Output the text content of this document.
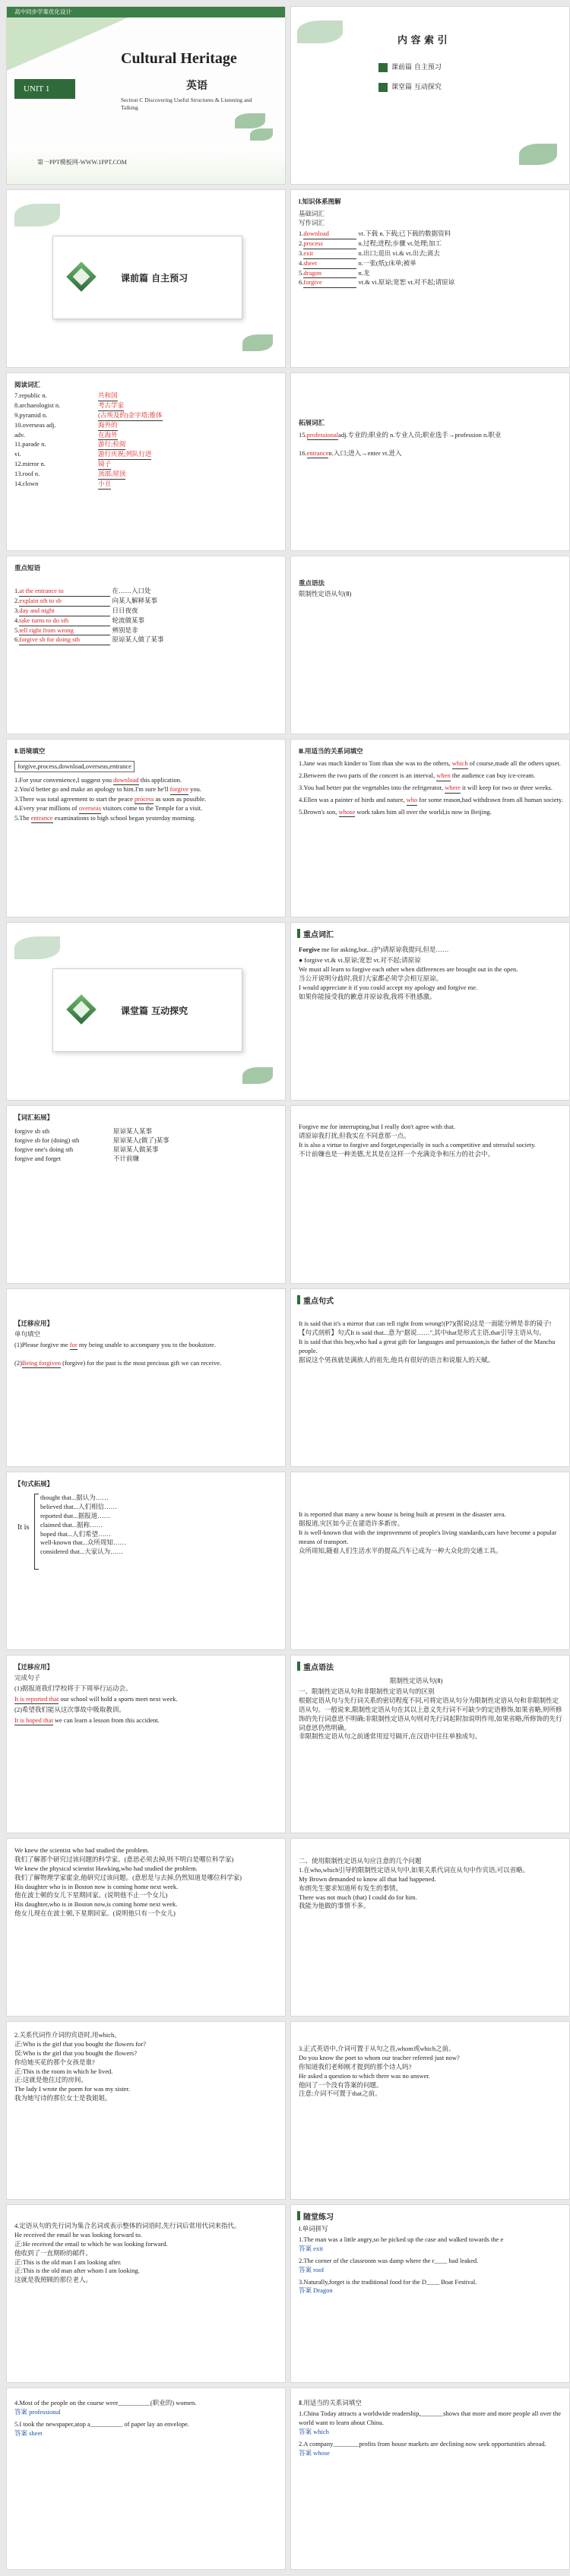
高中同步学案优化设计
Cultural Heritage
UNIT 1	英语
Section C Discovering Useful Structures & Listening and Talking
第一PPT模板网-WWW.1PPT.COM
内 容 索 引
课前篇 自主预习
课堂篇 互动探究
课前篇 自主预习
Ⅰ.知识体系图解
基础词汇
写作词汇
1.download	vt.下载 n.下载;已下载的数据资料
2.process	n.过程;进程;步骤 vt.处理;加工
3.exit	n.出口;退出 vi.& vt.出去;离去
4.sheet	n.一张(纸);床单;被单
5.dragon	n.龙
6.forgive	vt.& vi.原谅;宽恕 vt.对不起;请原谅
阅读词汇
7.republic n.	共和国
8.archaeologist n.	考古学家
9.pyramid n.	(古埃及的)金字塔;锥体
10.overseas adj.	海外的
adv.	在海外
11.parade n.	游行;检阅
vi.	游行庆祝;列队行进
12.mirror n.	镜子
13.roof n.	顶部;屋顶
14.clown	小丑
拓展词汇
15.professionaladj.专业的;职业的 n.专业人员;职业选手→profession n.职业
16.entrancen.入口;进入→enter vt.进入
重点短语
1.at the entrance to	在……入口处
2.explain sth to sb	向某人解释某事
3.day and night	日日夜夜
4.take turns to do sth	轮流做某事
5.tell right from wrong	辨别是非
6.forgive sb for doing sth	原谅某人做了某事
重点语法
限制性定语从句(Ⅱ)
Ⅱ.语境填空
forgive,process,download,overseas,entrance
1.For your convenience,I suggest you download this application.
2.You'd better go and make an apology to him.I'm sure he'll forgive you.
3.There was total agreement to start the peace process as soon as possible.
4.Every year millions of overseas visitors come to the Temple for a visit.
5.The entrance examinations to high school began yesterday morning.
Ⅲ.用适当的关系词填空
1.Jane was much kinder to Tom than she was to the others, which of course,made all the others upset.
2.Between the two parts of the concert is an interval, when the audience can buy ice-cream.
3.You had better put the vegetables into the refrigerator, where it will keep for two or three weeks.
4.Ellen was a painter of birds and nature, who for some reason,had withdrawn from all human society.
5.Brown's son, whose work takes him all over the world,is now in Beijing.
课堂篇 互动探究
重点词汇
Forgive me for asking,but...(护)请原谅我提问,但是……
● forgive vt.& vi.原谅;宽恕 vt.对不起;请原谅
We must all learn to forgive each other when differences are brought out in the open.
当公开说明分歧时,我们大家都必须学会相互原谅。
I would appreciate it if you could accept my apology and forgive me.
如果你能接受我的歉意并原谅我,我将不胜感激。
【词汇拓展】
forgive sb sth	原谅某人某事
forgive sb for (doing) sth	原谅某人(做了)某事
forgive one's doing sth	原谅某人做某事
forgive and forget	不计前嫌
Forgive me for interrupting,but I really don't agree with that.
请原谅我打扰,但我实在不同意那一点。
It is also a virtue to forgive and forget,especially in such a competitive and stressful society.
不计前嫌也是一种美德,尤其是在这样一个充满竞争和压力的社会中。
【迁移应用】
单句填空
(1)Please forgive me for my being unable to accompany you to the bookstore.
(2)Being forgiven (forgive) for the past is the most precious gift we can receive.
重点句式
It is said that it's a mirror that can tell right from wrong!(P7)(据说)这是一面能分辨是非的镜子!
【句式剖析】句式It is said that...意为"据说……",其中that是形式主语,that引导主语从句。
It is said that this boy,who had a great gift for languages and persuasion,is the father of the Manchu people.
据说这个男孩就是满族人的祖先,他具有很好的语言和说服人的天赋。
【句式拓展】
It is
thought that...据认为……
believed that...人们相信……
reported that...据报道……
claimed that...据称……
hoped that...人们希望……
well-known that...众所周知……
considered that...大家认为……
It is reported that many a new house is being built at present in the disaster area.
据报道,灾区如今正在建造许多新房。
It is well-known that with the improvement of people's living standards,cars have become a popular means of transport.
众所周知,随着人们生活水平的提高,汽车已成为一种大众化的交通工具。
【迁移应用】
完成句子
(1)据报道我们学校将于下周举行运动会。
It is reported that our school will hold a sports meet next week.
(2)希望我们能从这次事故中吸取教训。
It is hoped that we can learn a lesson from this accident.
重点语法
限制性定语从句(Ⅱ)
一、限制性定语从句和非限制性定语从句的区别
根据定语从句与先行词关系的密切程度不同,可将定语从句分为限制性定语从句和非限制性定语从句。一般说来,限制性定语从句在其以上意义先行词不可缺少的定语修饰,如果省略,则所修饰的先行词意思不明确;非限制性定语从句则对先行词起附加说明作用,如果省略,所修饰的先行词意思仍然明确。
非限制性定语从句之前通常用逗号隔开,在汉语中往往单独成句。
We knew the scientist who had studied the problem.
我们了解那个研究过该问题的科学家。(意思必须去掉,则不明白是哪位科学家)
We knew the physical scientist Hawking,who had studied the problem.
我们了解物理学家霍金,他研究过该问题。(意思是与去掉,仍然知道是哪位科学家)
His daughter who is in Boston now is coming home next week.
他在波士顿的女儿下星期回家。(说明他不止一个女儿)
His daughter,who is in Boston now,is coming home next week.
他女儿现在在波士顿,下星期回家。(说明他只有一个女儿)
二、使用限制性定语从句应注意的几个问题
1.在who,which引导的限制性定语从句中,如果关系代词在从句中作宾语,可以省略。
My Brown demanded to know all that had happened.
布朗先生要求知道所有发生的事情。
There was not much (that) I could do for him.
我能为他做的事情不多。
2.关系代词作介词的宾语时,用which。
正:Who is the girl that you bought the flowers for?
误:Who is the girl that you bought the flowers?
你给她买花的那个女孩是谁?
正:This is the room in which he lived.
正:这就是他住过的房间。
The lady I wrote the poem for was my sister.
我为她写诗的那位女士是我姐姐。
3.正式英语中,介词可置于从句之首,whom或which之前。
Do you know the poet to whom our teacher referred just now?
你知道我们老师刚才提到的那个诗人吗?
He asked a question to which there was no answer.
他问了一个没有答案的问题。
注意:介词不可置于that之前。
4.定语从句的先行词为集合名词或表示整体的词语时,先行词后常用代词来指代。
He received the email he was looking forward to.
正:He received the email to which he was looking forward.
他收到了一直期盼的邮件。
正:This is the old man I am looking after.
正:This is the old man after whom I am looking.
这就是我照顾的那位老人。
随堂练习
Ⅰ.单词拼写
1.The man was a little angry,so he picked up the case and walked towards the e
答案 exit
2.The corner of the classroom was damp where the r____ had leaked.
答案 roof
3.Naturally,forget is the traditional food for the D____ Boat Festival.
答案 Dragon
4.Most of the people on the course were__________(职业的) women.
答案 professional
5.I took the newspaper,atop a__________ of paper lay an envelope.
答案 sheet
Ⅱ.用适当的关系词填空
1.China Today attracts a worldwide readership,_______shows that more and more people all over the world want to learn about China.
答案 which
2.A company________profits from house markets are declining now seek opportunities abroad.
答案 whose
